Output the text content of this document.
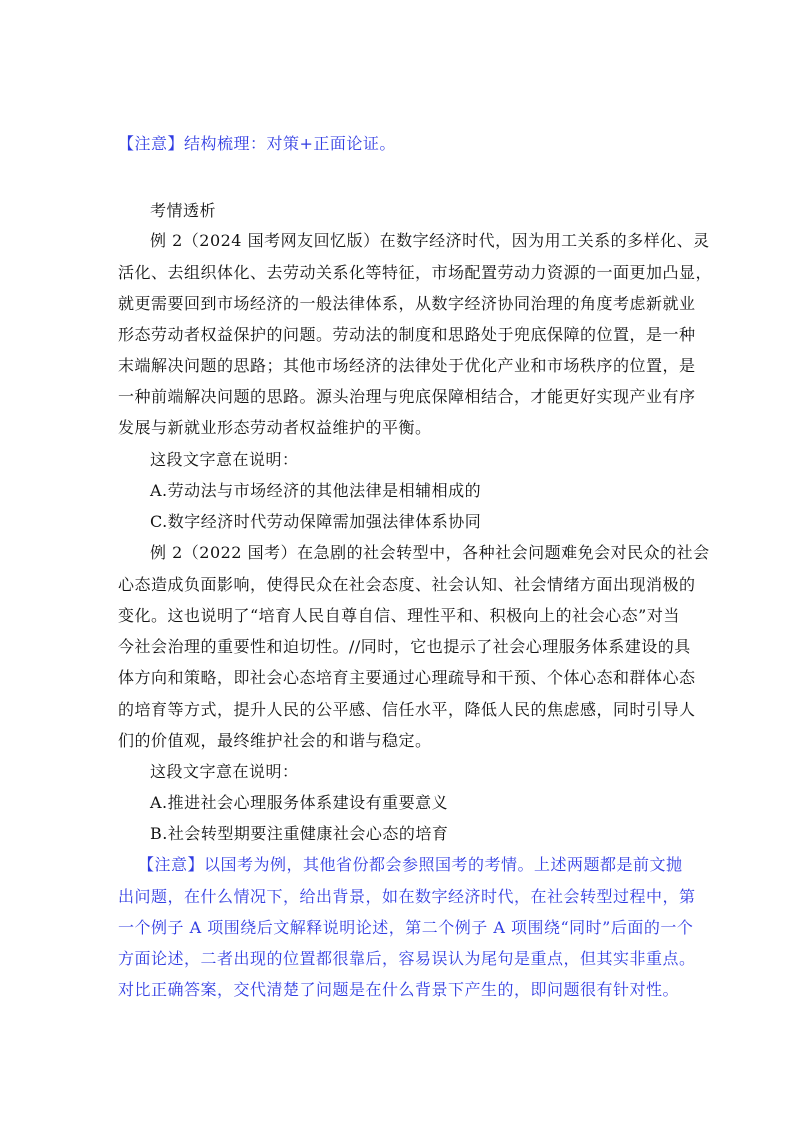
【注意】结构梳理：对策+正面论证。
考情透析
例 2（2024 国考网友回忆版）在数字经济时代，因为用工关系的多样化、灵
活化、去组织体化、去劳动关系化等特征，市场配置劳动力资源的一面更加凸显，
就更需要回到市场经济的一般法律体系，从数字经济协同治理的角度考虑新就业
形态劳动者权益保护的问题。劳动法的制度和思路处于兜底保障的位置，是一种
末端解决问题的思路；其他市场经济的法律处于优化产业和市场秩序的位置，是
一种前端解决问题的思路。源头治理与兜底保障相结合，才能更好实现产业有序
发展与新就业形态劳动者权益维护的平衡。
这段文字意在说明：
A.劳动法与市场经济的其他法律是相辅相成的
C.数字经济时代劳动保障需加强法律体系协同
例 2（2022 国考）在急剧的社会转型中，各种社会问题难免会对民众的社会
心态造成负面影响，使得民众在社会态度、社会认知、社会情绪方面出现消极的
变化。这也说明了“培育人民自尊自信、理性平和、积极向上的社会心态”对当
今社会治理的重要性和迫切性。//同时，它也提示了社会心理服务体系建设的具
体方向和策略，即社会心态培育主要通过心理疏导和干预、个体心态和群体心态
的培育等方式，提升人民的公平感、信任水平，降低人民的焦虑感，同时引导人
们的价值观，最终维护社会的和谐与稳定。
这段文字意在说明：
A.推进社会心理服务体系建设有重要意义
B.社会转型期要注重健康社会心态的培育
【注意】以国考为例，其他省份都会参照国考的考情。上述两题都是前文抛
出问题，在什么情况下，给出背景，如在数字经济时代，在社会转型过程中，第
一个例子 A 项围绕后文解释说明论述，第二个例子 A 项围绕“同时”后面的一个
方面论述，二者出现的位置都很靠后，容易误认为尾句是重点，但其实非重点。
对比正确答案，交代清楚了问题是在什么背景下产生的，即问题很有针对性。
